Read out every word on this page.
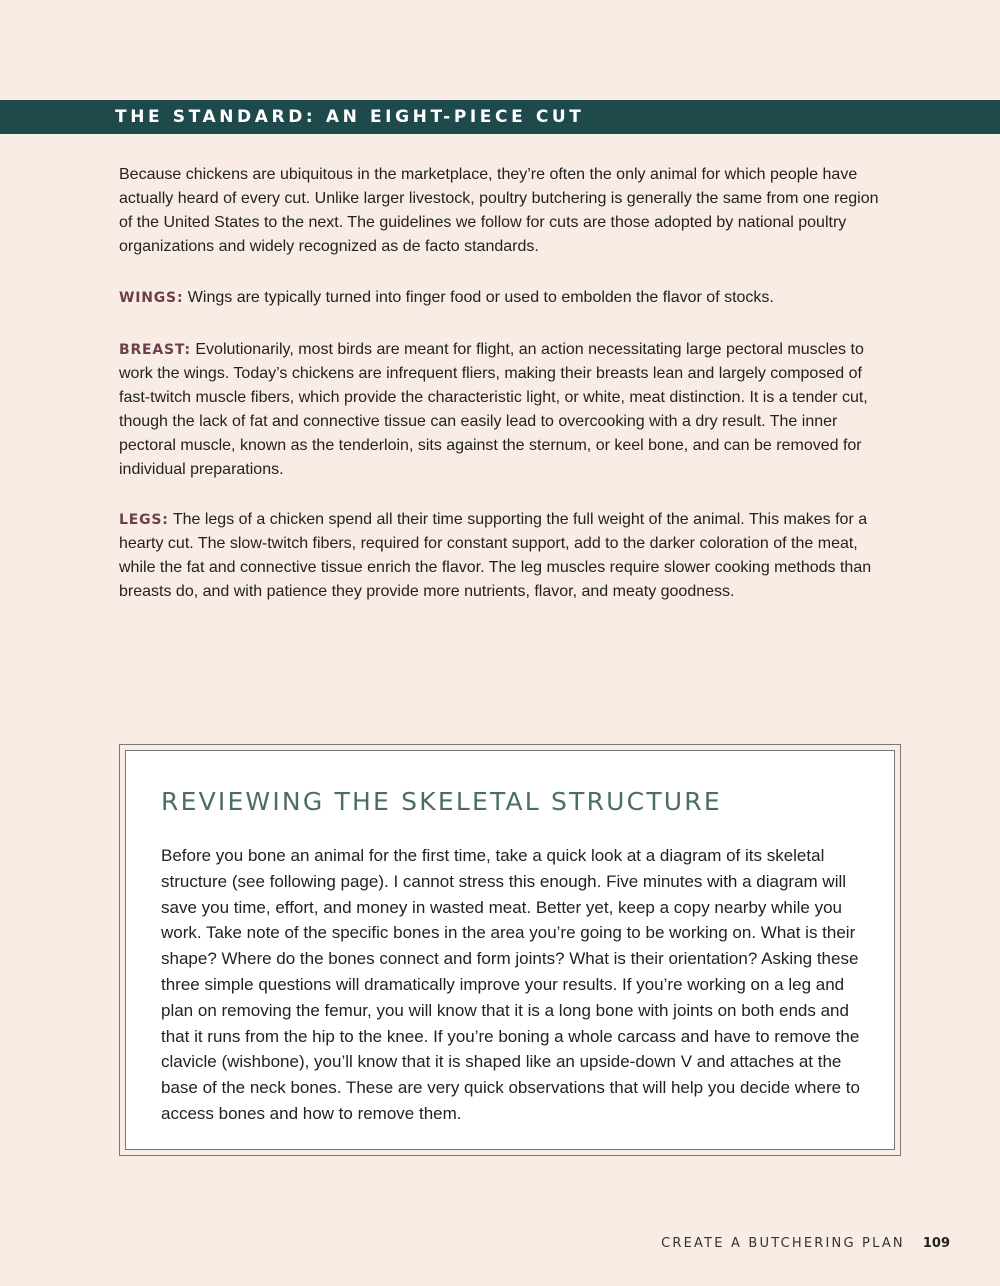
THE STANDARD: AN EIGHT-PIECE CUT

Because chickens are ubiquitous in the marketplace, they’re often the only animal for which people have actually heard of every cut. Unlike larger livestock, poultry butchering is generally the same from one region of the United States to the next. The guidelines we follow for cuts are those adopted by national poultry organizations and widely recognized as de facto standards.

WINGS: Wings are typically turned into finger food or used to embolden the flavor of stocks.

BREAST: Evolutionarily, most birds are meant for flight, an action necessitating large pectoral muscles to work the wings. Today’s chickens are infrequent fliers, making their breasts lean and largely composed of fast-twitch muscle fibers, which provide the characteristic light, or white, meat distinction. It is a tender cut, though the lack of fat and connective tissue can easily lead to overcooking with a dry result. The inner pectoral muscle, known as the tenderloin, sits against the sternum, or keel bone, and can be removed for individual preparations.

LEGS: The legs of a chicken spend all their time supporting the full weight of the animal. This makes for a hearty cut. The slow-twitch fibers, required for constant support, add to the darker coloration of the meat, while the fat and connective tissue enrich the flavor. The leg muscles require slower cooking methods than breasts do, and with patience they provide more nutrients, flavor, and meaty goodness.

REVIEWING THE SKELETAL STRUCTURE

Before you bone an animal for the first time, take a quick look at a diagram of its skeletal structure (see following page). I cannot stress this enough. Five minutes with a diagram will save you time, effort, and money in wasted meat. Better yet, keep a copy nearby while you work. Take note of the specific bones in the area you’re going to be working on. What is their shape? Where do the bones connect and form joints? What is their orientation? Asking these three simple questions will dramatically improve your results. If you’re working on a leg and plan on removing the femur, you will know that it is a long bone with joints on both ends and that it runs from the hip to the knee. If you’re boning a whole carcass and have to remove the clavicle (wishbone), you’ll know that it is shaped like an upside-down V and attaches at the base of the neck bones. These are very quick observations that will help you decide where to access bones and how to remove them.

CREATE A BUTCHERING PLAN 109
